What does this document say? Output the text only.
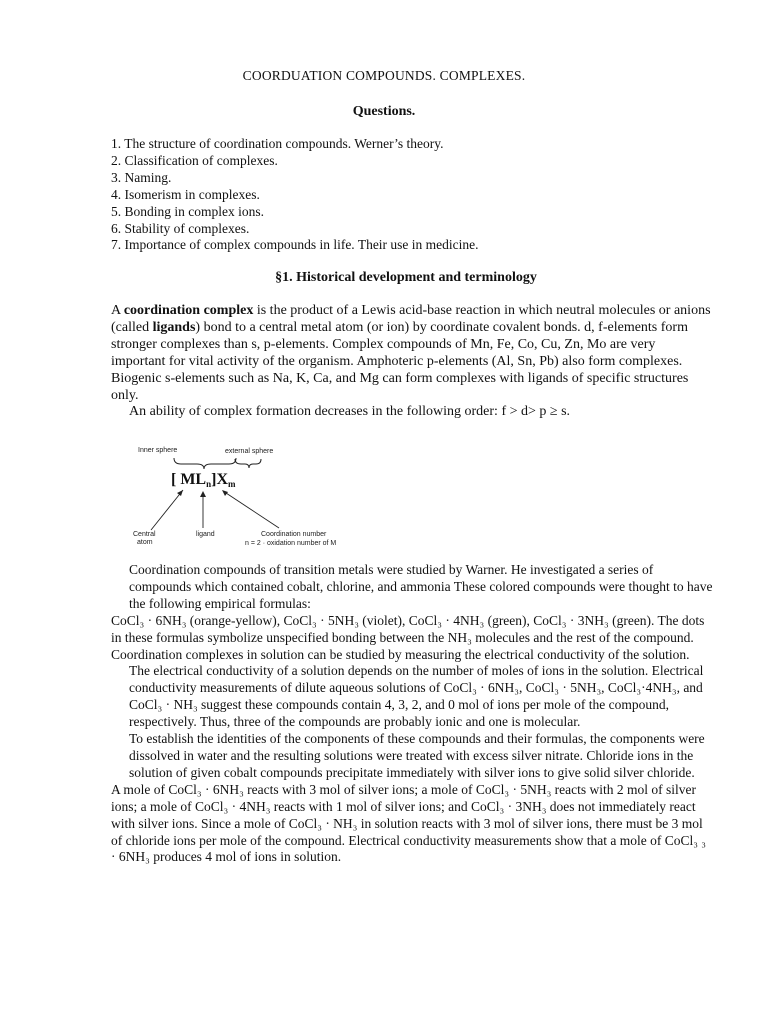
COORDUATION COMPOUNDS. COMPLEXES.
Questions.
1. The structure of coordination compounds. Werner’s theory.
2. Classification of complexes.
3. Naming.
4. Isomerism in complexes.
5. Bonding in complex ions.
6. Stability of complexes.
7. Importance of complex compounds in life. Their use in medicine.
§1. Historical development and terminology
A coordination complex is the product of a Lewis acid-base reaction in which neutral molecules or anions (called ligands) bond to a central metal atom (or ion) by coordinate covalent bonds. d, f-elements form stronger complexes than s, p-elements. Complex compounds of Mn, Fe, Co, Cu, Zn, Mo are very important for vital activity of the organism. Amphoteric p-elements (Al, Sn, Pb) also form complexes. Biogenic s-elements such as Na, K, Ca, and Mg can form complexes with ligands of specific structures only.
An ability of complex formation decreases in the following order: f > d> p ≥ s.
Inner sphere	external sphere
[ MLn]Xm
Central
atom
ligand	Coordination number
n = 2 · oxidation number of M
Coordination compounds of transition metals were studied by Warner. He investigated a series of compounds which contained cobalt, chlorine, and ammonia These colored compounds were thought to have the following empirical formulas:
CoCl₃ · 6NH₃ (orange-yellow), CoCl₃ · 5NH₃ (violet), CoCl₃ · 4NH₃ (green), CoCl₃ · 3NH₃ (green). The dots in these formulas symbolize unspecified bonding between the NH₃ molecules and the rest of the compound. Coordination complexes in solution can be studied by measuring the electrical conductivity of the solution.
The electrical conductivity of a solution depends on the number of moles of ions in the solution. Electrical conductivity measurements of dilute aqueous solutions of CoCl₃ · 6NH₃, CoCl₃ · 5NH₃, CoCl₃·4NH₃, and CoCl₃ · NH₃ suggest these compounds contain 4, 3, 2, and 0 mol of ions per mole of the compound, respectively. Thus, three of the compounds are probably ionic and one is molecular.
To establish the identities of the components of these compounds and their formulas, the components were dissolved in water and the resulting solutions were treated with excess silver nitrate. Chloride ions in the solution of given cobalt compounds precipitate immediately with silver ions to give solid silver chloride.
A mole of CoCl₃ · 6NH₃ reacts with 3 mol of silver ions; a mole of CoCl₃ · 5NH₃ reacts with 2 mol of silver ions; a mole of CoCl₃ · 4NH₃ reacts with 1 mol of silver ions; and CoCl₃ · 3NH₃ does not immediately react with silver ions. Since a mole of CoCl₃ · NH₃ in solution reacts with 3 mol of silver ions, there must be 3 mol of chloride ions per mole of the compound. Electrical conductivity measurements show that a mole of CoCl₃ ₃ · 6NH₃ produces 4 mol of ions in solution.
